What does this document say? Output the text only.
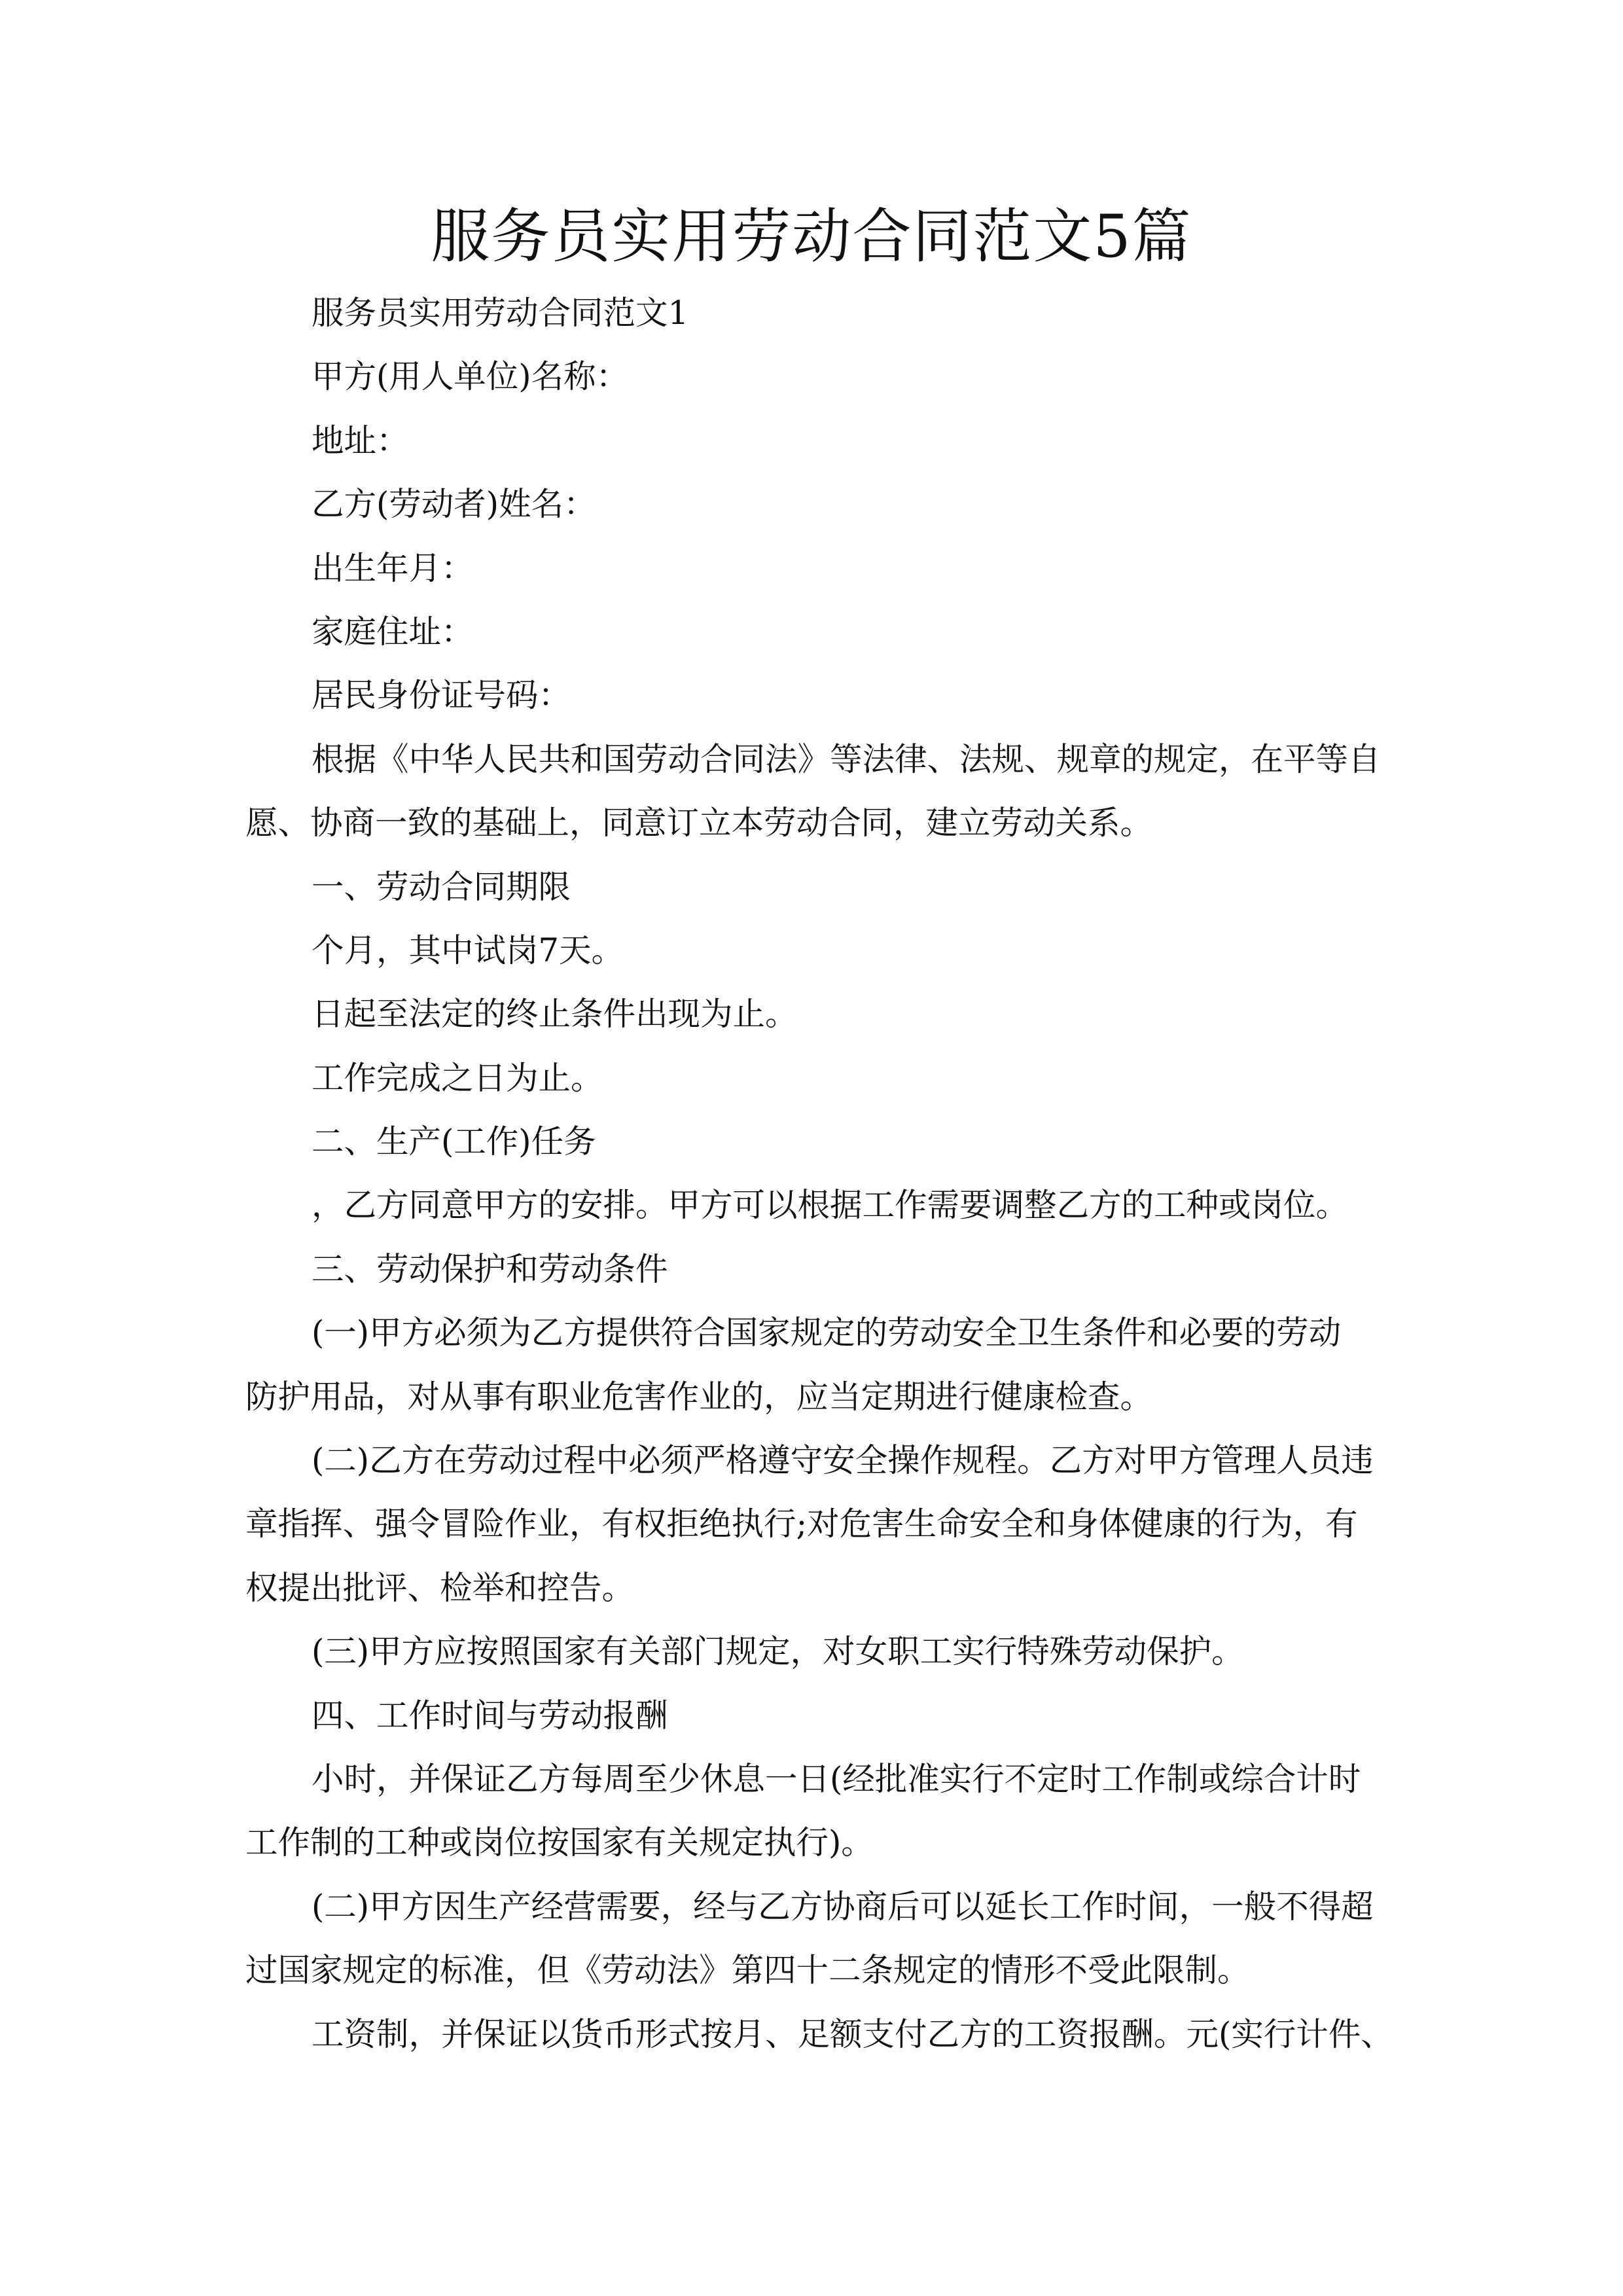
服务员实用劳动合同范文5篇
服务员实用劳动合同范文1
甲方(用人单位)名称：
地址：
乙方(劳动者)姓名：
出生年月：
家庭住址：
居民身份证号码：
根据《中华人民共和国劳动合同法》等法律、法规、规章的规定，在平等自
愿、协商一致的基础上，同意订立本劳动合同，建立劳动关系。
一、劳动合同期限
个月，其中试岗7天。
日起至法定的终止条件出现为止。
工作完成之日为止。
二、生产(工作)任务
，乙方同意甲方的安排。甲方可以根据工作需要调整乙方的工种或岗位。
三、劳动保护和劳动条件
(一)甲方必须为乙方提供符合国家规定的劳动安全卫生条件和必要的劳动
防护用品，对从事有职业危害作业的，应当定期进行健康检查。
(二)乙方在劳动过程中必须严格遵守安全操作规程。乙方对甲方管理人员违
章指挥、强令冒险作业，有权拒绝执行;对危害生命安全和身体健康的行为，有
权提出批评、检举和控告。
(三)甲方应按照国家有关部门规定，对女职工实行特殊劳动保护。
四、工作时间与劳动报酬
小时，并保证乙方每周至少休息一日(经批准实行不定时工作制或综合计时
工作制的工种或岗位按国家有关规定执行)。
(二)甲方因生产经营需要，经与乙方协商后可以延长工作时间，一般不得超
过国家规定的标准，但《劳动法》第四十二条规定的情形不受此限制。
工资制，并保证以货币形式按月、足额支付乙方的工资报酬。元(实行计件、
